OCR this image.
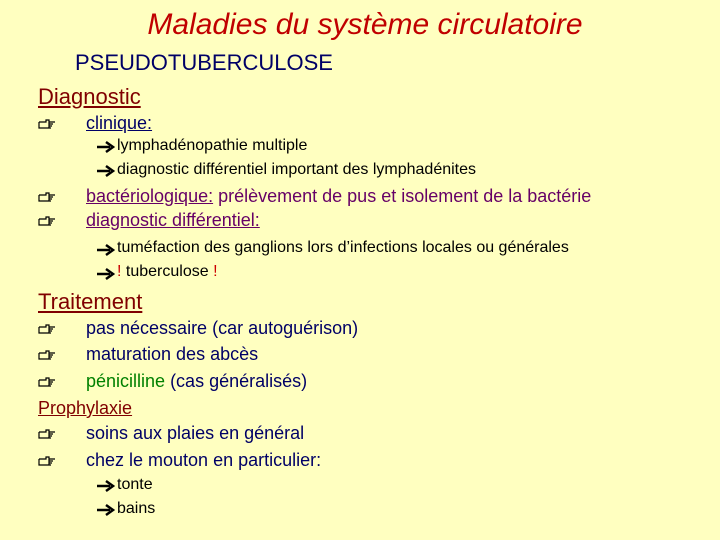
Maladies du système circulatoire
PSEUDOTUBERCULOSE
Diagnostic
clinique:
lymphadénopathie multiple
diagnostic différentiel important des lymphadénites
bactériologique: prélèvement de pus et isolement de la bactérie
diagnostic différentiel:
tuméfaction des ganglions lors d’infections locales ou générales
! tuberculose !
Traitement
pas nécessaire (car autoguérison)
maturation des abcès
pénicilline (cas généralisés)
Prophylaxie
soins aux plaies en général
chez le mouton en particulier:
tonte
bains
